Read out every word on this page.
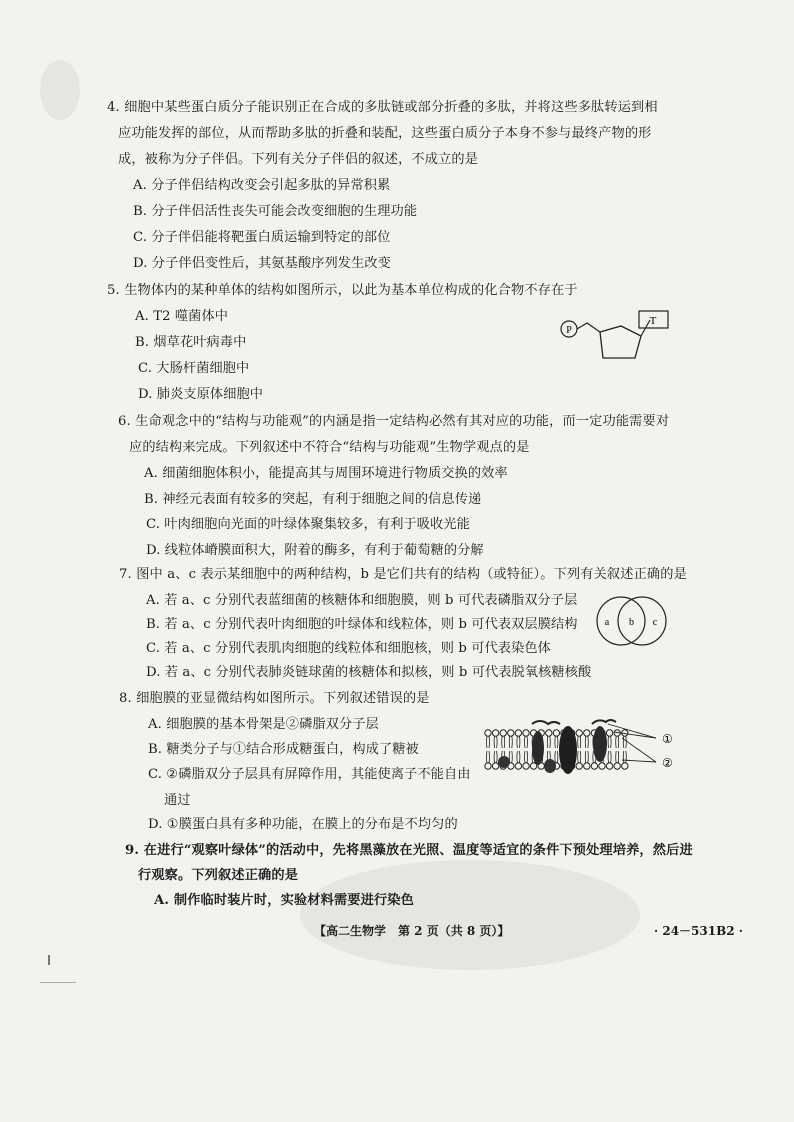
4. 细胞中某些蛋白质分子能识别正在合成的多肽链或部分折叠的多肽，并将这些多肽转运到相
应功能发挥的部位，从而帮助多肽的折叠和装配，这些蛋白质分子本身不参与最终产物的形
成，被称为分子伴侣。下列有关分子伴侣的叙述，不成立的是
A. 分子伴侣结构改变会引起多肽的异常积累
B. 分子伴侣活性丧失可能会改变细胞的生理功能
C. 分子伴侣能将靶蛋白质运输到特定的部位
D. 分子伴侣变性后，其氨基酸序列发生改变
5. 生物体内的某种单体的结构如图所示，以此为基本单位构成的化合物不存在于
A. T2 噬菌体中
B. 烟草花叶病毒中
C. 大肠杆菌细胞中
D. 肺炎支原体细胞中
P
T
6. 生命观念中的“结构与功能观”的内涵是指一定结构必然有其对应的功能，而一定功能需要对
应的结构来完成。下列叙述中不符合“结构与功能观”生物学观点的是
A. 细菌细胞体积小，能提高其与周围环境进行物质交换的效率
B. 神经元表面有较多的突起，有利于细胞之间的信息传递
C. 叶肉细胞向光面的叶绿体聚集较多，有利于吸收光能
D. 线粒体嵴膜面积大，附着的酶多，有利于葡萄糖的分解
7. 图中 a、c 表示某细胞中的两种结构，b 是它们共有的结构（或特征）。下列有关叙述正确的是
A. 若 a、c 分别代表蓝细菌的核糖体和细胞膜，则 b 可代表磷脂双分子层
B. 若 a、c 分别代表叶肉细胞的叶绿体和线粒体，则 b 可代表双层膜结构
C. 若 a、c 分别代表肌肉细胞的线粒体和细胞核，则 b 可代表染色体
D. 若 a、c 分别代表肺炎链球菌的核糖体和拟核，则 b 可代表脱氧核糖核酸
a b c
8. 细胞膜的亚显微结构如图所示。下列叙述错误的是
A. 细胞膜的基本骨架是②磷脂双分子层
B. 糖类分子与①结合形成糖蛋白，构成了糖被
C. ②磷脂双分子层具有屏障作用，其能使离子不能自由
通过
D. ①膜蛋白具有多种功能，在膜上的分布是不均匀的
①
②
9. 在进行“观察叶绿体”的活动中，先将黑藻放在光照、温度等适宜的条件下预处理培养，然后进
行观察。下列叙述正确的是
A. 制作临时装片时，实验材料需要进行染色
【高二生物学　第 2 页（共 8 页）】	· 24－531B2 ·
